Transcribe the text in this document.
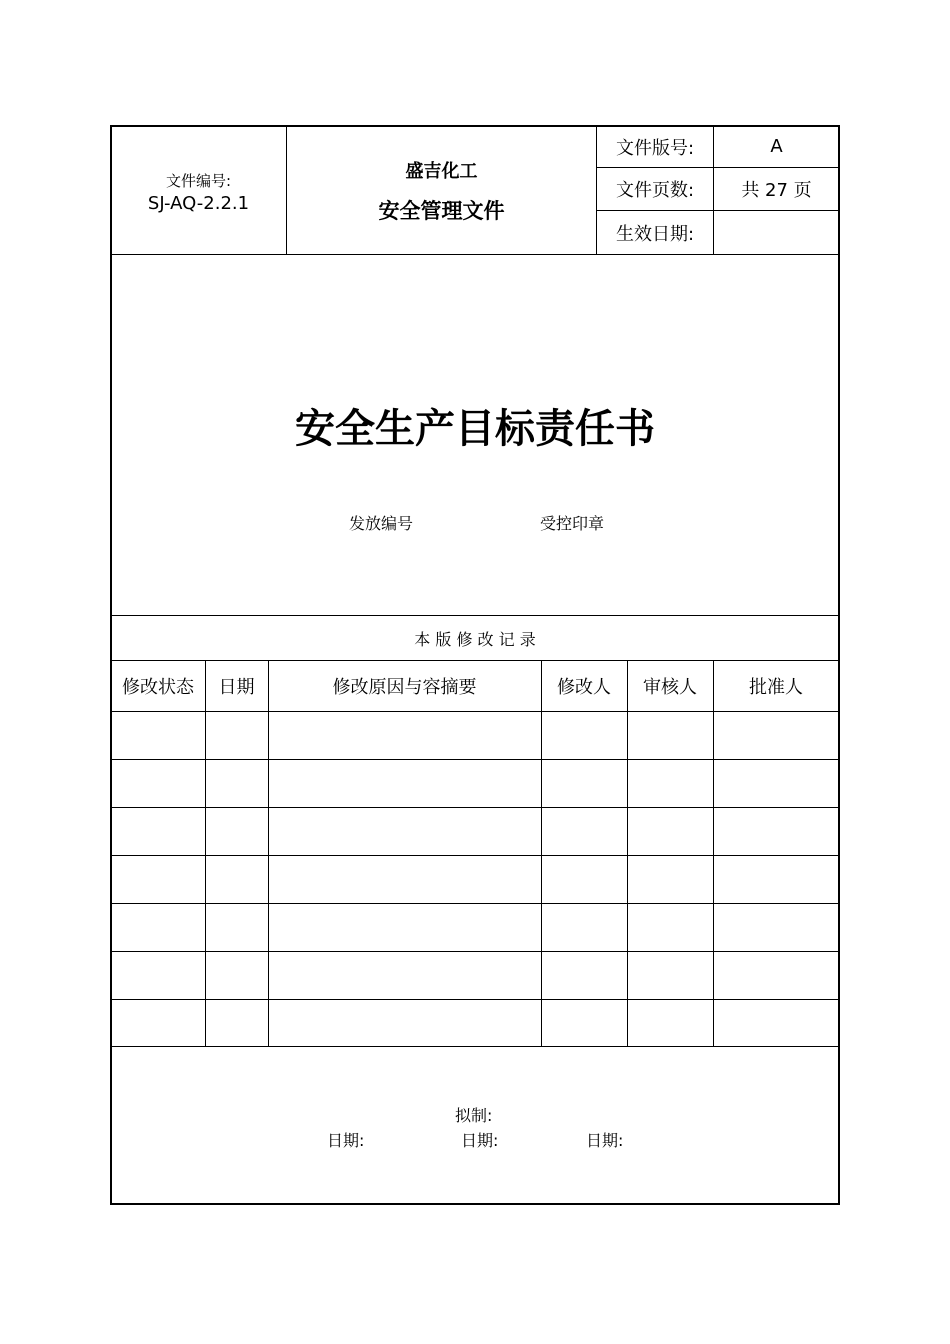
文件编号:
SJ-AQ-2.2.1
盛吉化工
安全管理文件
文件版号:	A
文件页数:	共 27 页
生效日期:
安全生产目标责任书
发放编号	受控印章
本 版 修 改 记 录
修改状态	日期	修改原因与容摘要	修改人	审核人	批准人
拟制:
日期:	日期:	日期:
